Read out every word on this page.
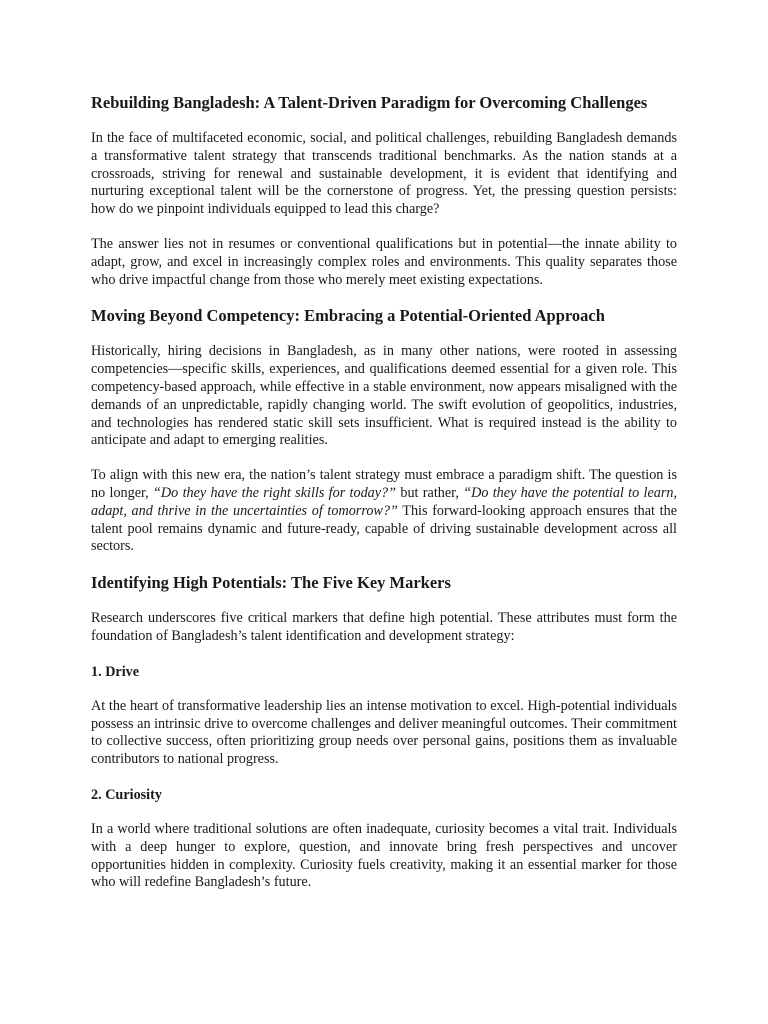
Rebuilding Bangladesh: A Talent-Driven Paradigm for Overcoming Challenges

In the face of multifaceted economic, social, and political challenges, rebuilding Bangladesh demands a transformative talent strategy that transcends traditional benchmarks. As the nation stands at a crossroads, striving for renewal and sustainable development, it is evident that identifying and nurturing exceptional talent will be the cornerstone of progress. Yet, the pressing question persists: how do we pinpoint individuals equipped to lead this charge?

The answer lies not in resumes or conventional qualifications but in potential—the innate ability to adapt, grow, and excel in increasingly complex roles and environments. This quality separates those who drive impactful change from those who merely meet existing expectations.

Moving Beyond Competency: Embracing a Potential-Oriented Approach

Historically, hiring decisions in Bangladesh, as in many other nations, were rooted in assessing competencies—specific skills, experiences, and qualifications deemed essential for a given role. This competency-based approach, while effective in a stable environment, now appears misaligned with the demands of an unpredictable, rapidly changing world. The swift evolution of geopolitics, industries, and technologies has rendered static skill sets insufficient. What is required instead is the ability to anticipate and adapt to emerging realities.

To align with this new era, the nation’s talent strategy must embrace a paradigm shift. The question is no longer, “Do they have the right skills for today?” but rather, “Do they have the potential to learn, adapt, and thrive in the uncertainties of tomorrow?” This forward-looking approach ensures that the talent pool remains dynamic and future-ready, capable of driving sustainable development across all sectors.

Identifying High Potentials: The Five Key Markers

Research underscores five critical markers that define high potential. These attributes must form the foundation of Bangladesh’s talent identification and development strategy:

1. Drive

At the heart of transformative leadership lies an intense motivation to excel. High-potential individuals possess an intrinsic drive to overcome challenges and deliver meaningful outcomes. Their commitment to collective success, often prioritizing group needs over personal gains, positions them as invaluable contributors to national progress.

2. Curiosity

In a world where traditional solutions are often inadequate, curiosity becomes a vital trait. Individuals with a deep hunger to explore, question, and innovate bring fresh perspectives and uncover opportunities hidden in complexity. Curiosity fuels creativity, making it an essential marker for those who will redefine Bangladesh’s future.
